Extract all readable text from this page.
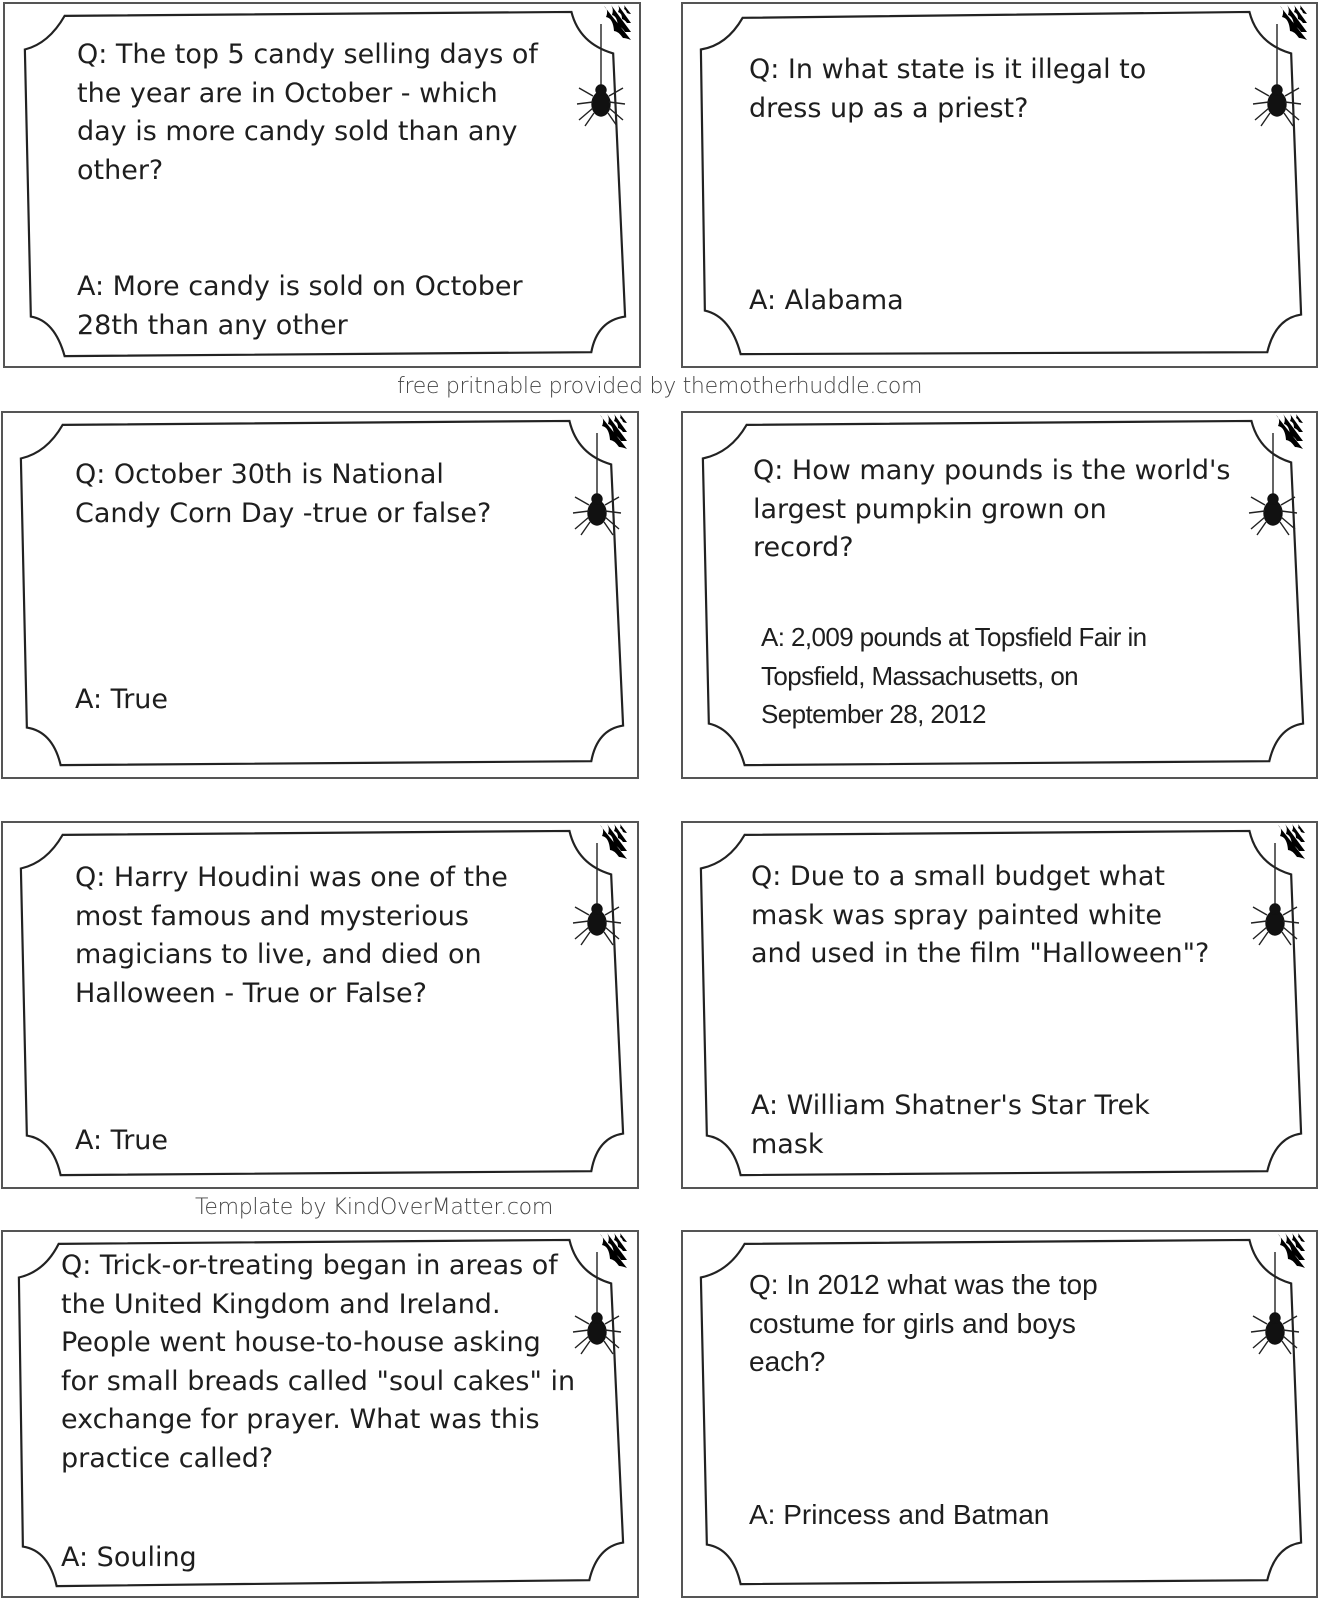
Q: The top 5 candy selling days of
the year are in October - which
day is more candy sold than any
other?

A: More candy is sold on October
28th than any other

Q: In what state is it illegal to
dress up as a priest?

A: Alabama

free pritnable provided by themotherhuddle.com

Q: October 30th is National
Candy Corn Day -true or false?

A: True

Q: How many pounds is the world's
largest pumpkin grown on
record?

A: 2,009 pounds at Topsfield Fair in
Topsfield, Massachusetts, on
September 28, 2012

Q: Harry Houdini was one of the
most famous and mysterious
magicians to live, and died on
Halloween - True or False?

A: True

Q: Due to a small budget what
mask was spray painted white
and used in the film "Halloween"?

A: William Shatner's Star Trek
mask

Template by KindOverMatter.com

Q: Trick-or-treating began in areas of
the United Kingdom and Ireland.
People went house-to-house asking
for small breads called "soul cakes" in
exchange for prayer. What was this
practice called?

A: Souling

Q: In 2012 what was the top
costume for girls and boys
each?

A: Princess and Batman
